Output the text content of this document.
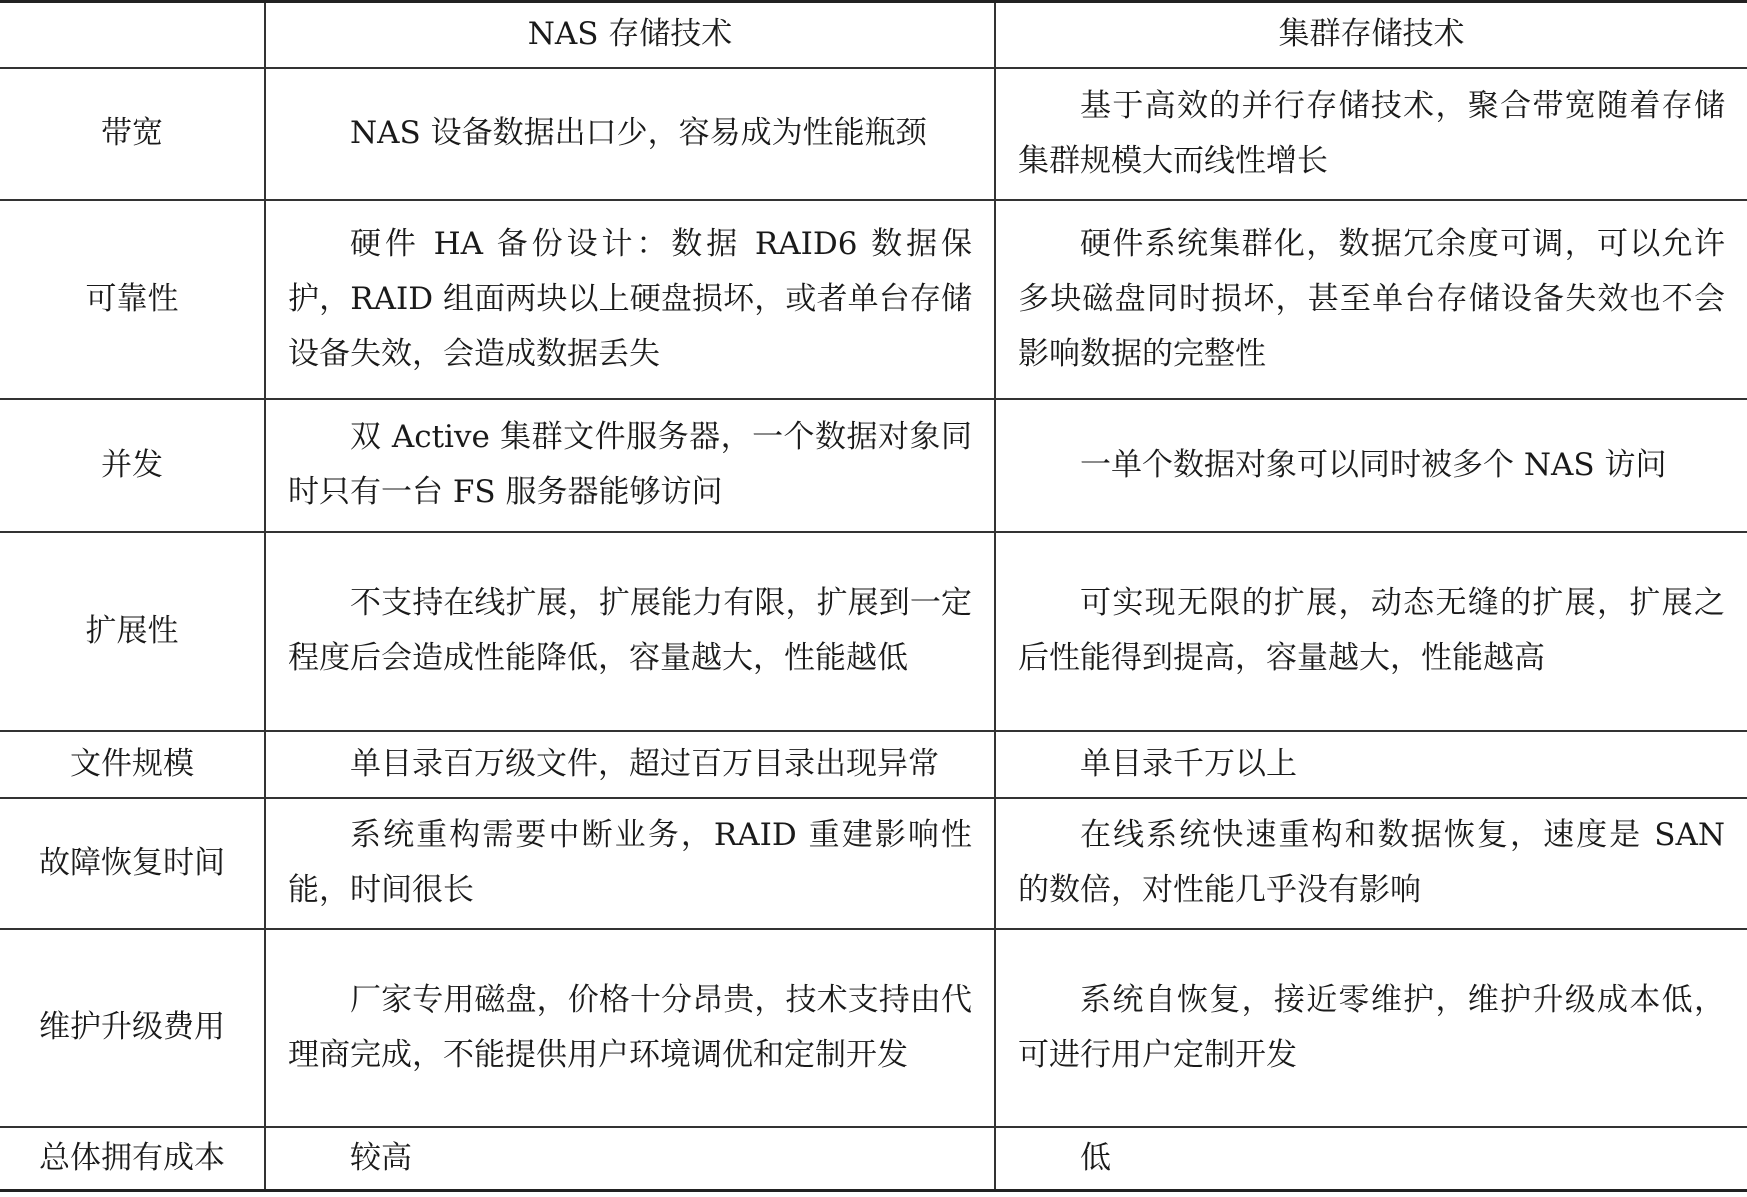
	NAS 存储技术	集群存储技术
带宽	NAS 设备数据出口少，容易成为性能瓶颈	基于高效的并行存储技术，聚合带宽随着存储集群规模大而线性增长
可靠性	硬件 HA 备份设计：数据 RAID6 数据保护，RAID 组面两块以上硬盘损坏，或者单台存储设备失效，会造成数据丢失	硬件系统集群化，数据冗余度可调，可以允许多块磁盘同时损坏，甚至单台存储设备失效也不会影响数据的完整性
并发	双 Active 集群文件服务器，一个数据对象同时只有一台 FS 服务器能够访问	一单个数据对象可以同时被多个 NAS 访问
扩展性	不支持在线扩展，扩展能力有限，扩展到一定程度后会造成性能降低，容量越大，性能越低	可实现无限的扩展，动态无缝的扩展，扩展之后性能得到提高，容量越大，性能越高
文件规模	单目录百万级文件，超过百万目录出现异常	单目录千万以上
故障恢复时间	系统重构需要中断业务，RAID 重建影响性能，时间很长	在线系统快速重构和数据恢复，速度是 SAN 的数倍，对性能几乎没有影响
维护升级费用	厂家专用磁盘，价格十分昂贵，技术支持由代理商完成，不能提供用户环境调优和定制开发	系统自恢复，接近零维护，维护升级成本低，可进行用户定制开发
总体拥有成本	较高	低
